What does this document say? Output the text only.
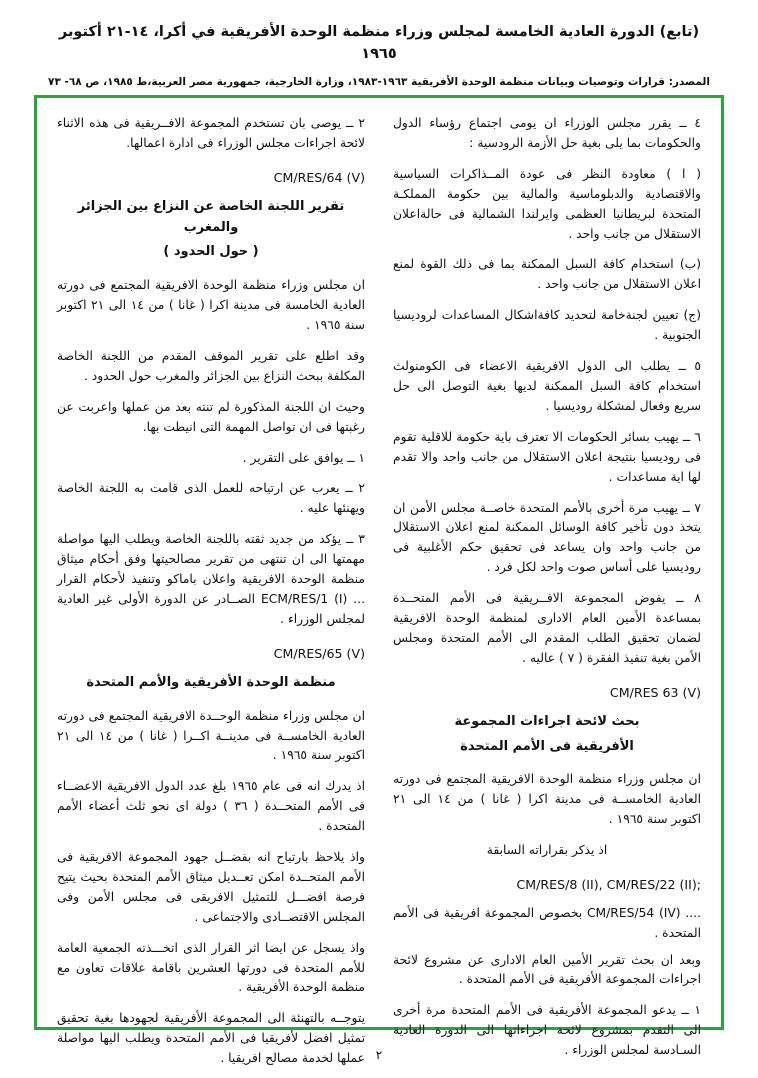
(تابع) الدورة العادية الخامسة لمجلس وزراء منظمة الوحدة الأفريقية في أكرا، ١٤-٢١ أكتوبر ١٩٦٥
المصدر: قرارات وتوصيات وبيانات منظمة الوحدة الأفريقية ١٩٦٣-١٩٨٣، وزارة الخارجية، جمهورية مصر العربية،ط ١٩٨٥، ص ٦٨- ٧٣

٤ ــ يقرر مجلس الوزراء ان يومى اجتماع رؤساء الدول والحكومات بما يلى بغية حل الأزمة الرودسية :

( ا ) معاودة النظر فى عودة المــذاكرات السياسية والاقتصادية والدبلوماسية والمالية بين حكومة المملكـة المتحدة لبريطانيا العظمى وايرلندا الشمالية فى حالةاعلان الاستقلال من جانب واحد .

(ب) استخدام كافة السبل الممكنة بما فى ذلك القوة لمنع اعلان الاستقلال من جانب واحد .

(ج) تعيين لجنةخامة لتحديد كافةاشكال المساعدات لروديسيا الجنوبية .

٥ ــ يطلب الى الدول الافريقية الاعضاء فى الكومنولث استخدام كافة السبل الممكنة لديها بغية التوصل الى حل سريع وفعال لمشكلة روديسيا .

٦ ــ يهيب بسائر الحكومات الا تعترف باية حكومة للاقلية تقوم فى روديسيا بنتيجة اعلان الاستقلال من جانب واحد والا تقدم لها اية مساعدات .

٧ ــ يهيب مرة أخرى بالأمم المتحدة خاصــة مجلس الأمن ان يتخذ دون تأخير كافة الوسائل الممكنة لمنع اعلان الاستقلال من جانب واحد وان يساعد فى تحقيق حكم الأغلبية فى روديسيا على أساس صوت واحد لكل فرد .

٨ ــ يفوض المجموعة الافــريقية فى الأمم المتحــدة بمساعدة الأمين العام الادارى لمنظمة الوحدة الافريقية لضمان تحقيق الطلب المقدم الى الأمم المتحدة ومجلس الأمن بغية تنفيذ الفقرة ( ٧ ) عاليه .

CM/RES 63 (V)
بحث لائحة اجراءات المجموعة
الأفريقية فى الأمم المتحدة

ان مجلس وزراء منظمة الوحدة الافريقية المجتمع فى دورته العادية الخامســة فى مدينة اكرا ( غانا ) من ١٤ الى ٢١ اكتوبر سنة ١٩٦٥ .

اذ يذكر بقراراته السابقة
CM/RES/8 (II), CM/RES/22 (II);

CM/RES/54 (IV) .... بخصوص المجموعة افريقية فى الأمم المتحدة .

وبعد ان بحث تقرير الأمين العام الادارى عن مشروع لائحة اجراءات المجموعة الأفريقية فى الأمم المتحدة .

١ ــ يدعو المجموعة الأفريقية فى الأمم المتحدة مرة أخرى الى التقدم بمشروع لائحة اجراءاتها الى الدورة العادية السـادسة لمجلس الوزراء .

٢ ــ يوصى بان تستخدم المجموعة الافــريقية فى هذه الاثناء لائحة اجراءات مجلس الوزراء فى ادارة اعمالها.

CM/RES/64 (V)
تقرير اللجنة الخاصة عن النزاع بين الجزائر والمغرب
( حول الحدود )

ان مجلس وزراء منظمة الوحدة الافريقية المجتمع فى دورته العادية الخامسة فى مدينة اكرا ( غانا ) من ١٤ الى ٢١ اكتوبر سنة ١٩٦٥ .

وقد اطلع على تقرير الموقف المقدم من اللجنة الخاصة المكلفة ببحث النزاع بين الجزائر والمغرب حول الحدود .

وحيث ان اللجنة المذكورة لم تنته بعد من عملها واعربت عن رغبتها فى ان تواصل المهمة التى انيطت بها.

١ ــ يوافق على التقرير .

٢ ــ يعرب عن ارتياحه للعمل الذى قامت به اللجنة الخاصة ويهنئها عليه .

٣ ــ يؤكد من جديد ثقته باللجنة الخاصة ويطلب اليها مواصلة مهمتها الى ان تنتهى من تقرير مصالحيتها وفق أحكام ميثاق منظمة الوحدة الافريقية واعلان باماكو وتنفيذ لأحكام القرار ECM/RES/1 (I) ... الصــادر عن الدورة الأولى غير العادية لمجلس الوزراء .

CM/RES/65 (V)
منظمة الوحدة الأفريقية والأمم المتحدة

ان مجلس وزراء منظمة الوحــدة الافريقية المجتمع فى دورته العادية الخامســة فى مدينــة اكــرا ( غانا ) من ١٤ الى ٢١ اكتوبر سنة ١٩٦٥ .

اذ يدرك انه فى عام ١٩٦٥ بلغ عدد الدول الافريقية الاعضــاء فى الأمم المتحــدة ( ٣٦ ) دولة اى نحو ثلث أعضاء الأمم المتحدة .

واذ يلاحظ بارتياح انه بفضــل جهود المجموعة الافريقية فى الأمم المتحــدة امكن تعــديل ميثاق الأمم المتحدة بحيث يتيح فرصة افضـــل للتمثيل الافريقى فى مجلس الأمن وفى المجلس الاقتصــادى والاجتماعى .

واذ يسجل عن ايضا اثر القرار الذى اتخـــذته الجمعية العامة للأمم المتحدة فى دورتها العشرين باقامة علاقات تعاون مع منظمة الوحدة الأفريقية .

يتوجــه بالتهنئة الى المجموعة الأفريقية لجهودها بغية تحقيق تمثيل افضل لأفريقيا فى الأمم المتحدة ويطلب اليها مواصلة عملها لخدمة مصالح افريقيا . ٢
